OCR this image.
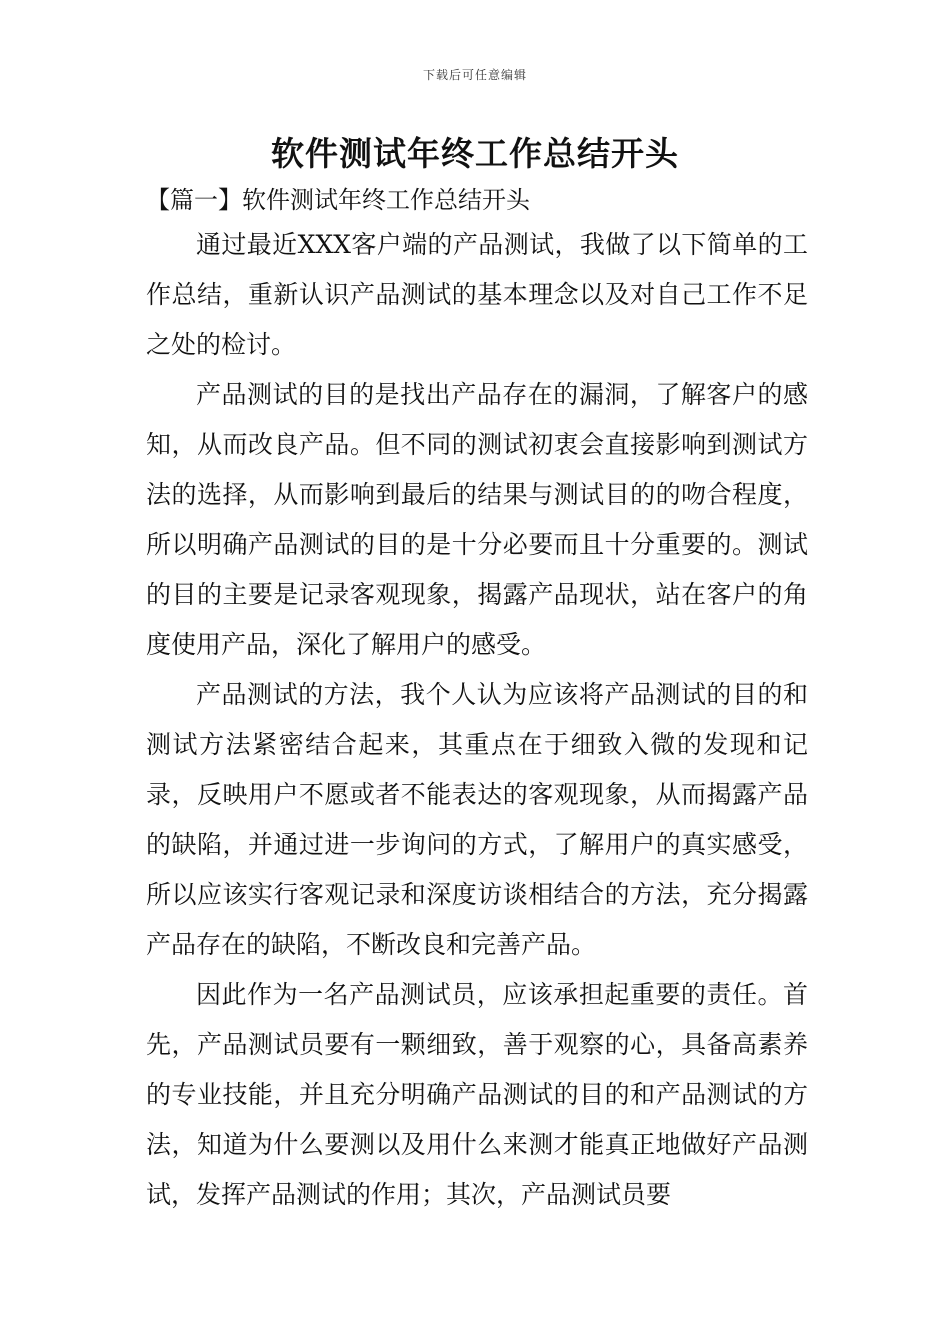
下载后可任意编辑
软件测试年终工作总结开头

【篇一】软件测试年终工作总结开头

通过最近XXX客户端的产品测试，我做了以下简单的工作总结，重新认识产品测试的基本理念以及对自己工作不足之处的检讨。

产品测试的目的是找出产品存在的漏洞，了解客户的感知，从而改良产品。但不同的测试初衷会直接影响到测试方法的选择，从而影响到最后的结果与测试目的的吻合程度，所以明确产品测试的目的是十分必要而且十分重要的。测试的目的主要是记录客观现象，揭露产品现状，站在客户的角度使用产品，深化了解用户的感受。

产品测试的方法，我个人认为应该将产品测试的目的和测试方法紧密结合起来，其重点在于细致入微的发现和记录，反映用户不愿或者不能表达的客观现象，从而揭露产品的缺陷，并通过进一步询问的方式，了解用户的真实感受，所以应该实行客观记录和深度访谈相结合的方法，充分揭露产品存在的缺陷，不断改良和完善产品。

因此作为一名产品测试员，应该承担起重要的责任。首先，产品测试员要有一颗细致，善于观察的心，具备高素养的专业技能，并且充分明确产品测试的目的和产品测试的方法，知道为什么要测以及用什么来测才能真正地做好产品测试，发挥产品测试的作用；其次，产品测试员要
